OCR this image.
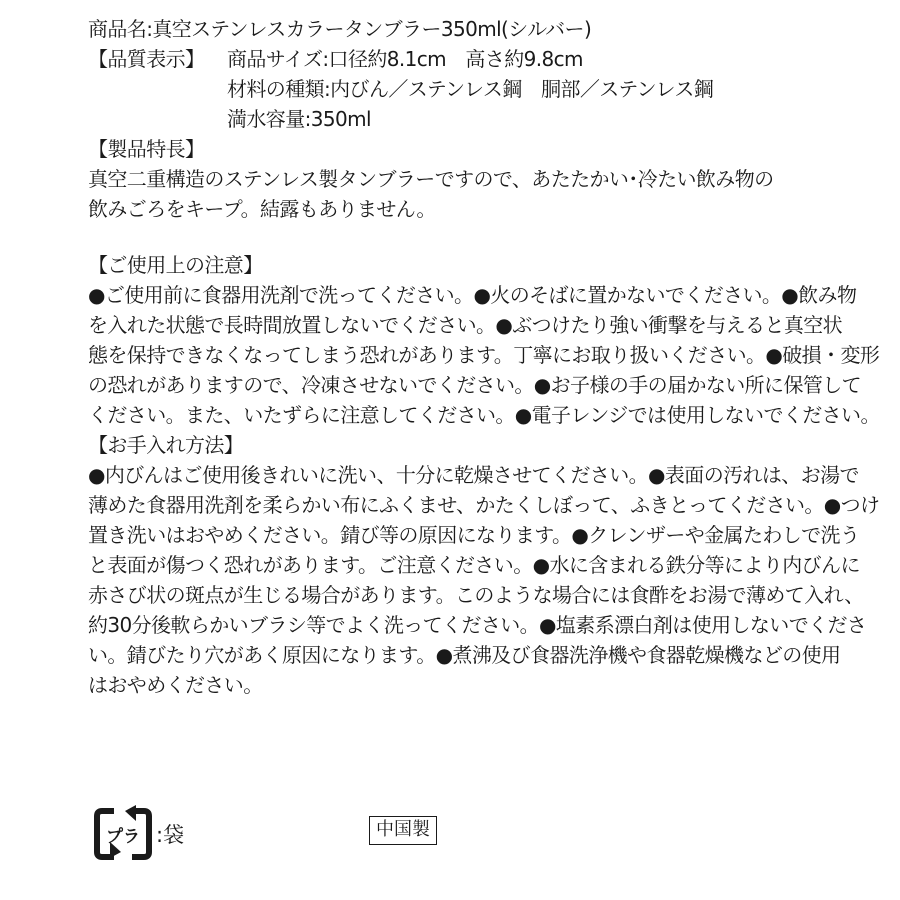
商品名:真空ステンレスカラータンブラー350ml(シルバー)
【品質表示】	商品サイズ:口径約8.1cm　高さ約9.8cm
材料の種類:内びん／ステンレス鋼　胴部／ステンレス鋼
満水容量:350ml
【製品特長】
真空二重構造のステンレス製タンブラーですので、あたたかい･冷たい飲み物の
飲みごろをキープ。結露もありません。
【ご使用上の注意】
●ご使用前に食器用洗剤で洗ってください。●火のそばに置かないでください。●飲み物
を入れた状態で長時間放置しないでください。●ぶつけたり強い衝撃を与えると真空状
態を保持できなくなってしまう恐れがあります。丁寧にお取り扱いください。●破損・変形
の恐れがありますので、冷凍させないでください。●お子様の手の届かない所に保管して
ください。また、いたずらに注意してください。●電子レンジでは使用しないでください。
【お手入れ方法】
●内びんはご使用後きれいに洗い、十分に乾燥させてください。●表面の汚れは、お湯で
薄めた食器用洗剤を柔らかい布にふくませ、かたくしぼって、ふきとってください。●つけ
置き洗いはおやめください。錆び等の原因になります。●クレンザーや金属たわしで洗う
と表面が傷つく恐れがあります。ご注意ください。●水に含まれる鉄分等により内びんに
赤さび状の斑点が生じる場合があります。このような場合には食酢をお湯で薄めて入れ、
約30分後軟らかいブラシ等でよく洗ってください。●塩素系漂白剤は使用しないでくださ
い。錆びたり穴があく原因になります。●煮沸及び食器洗浄機や食器乾燥機などの使用
はおやめください。
プラ :袋	中国製
